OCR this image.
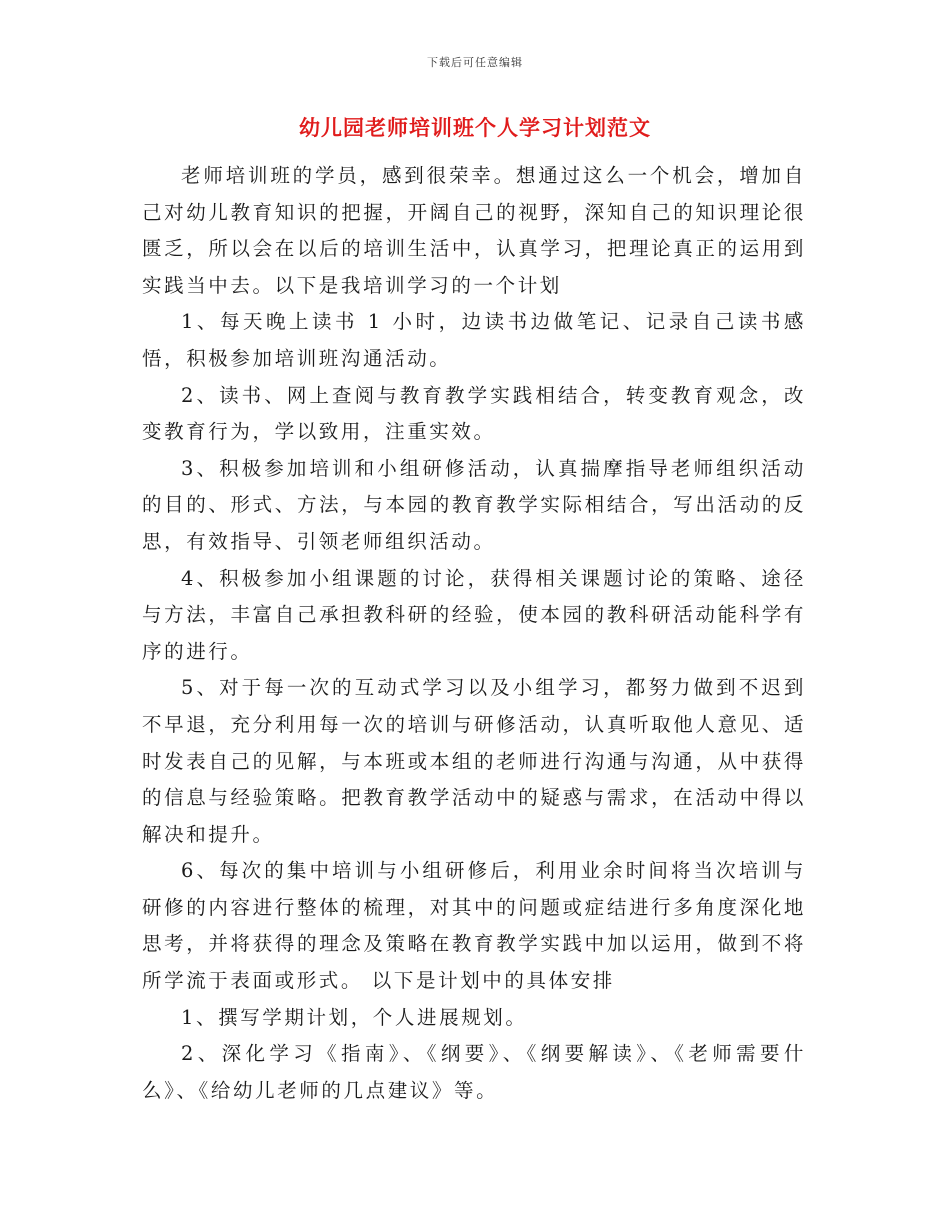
下载后可任意编辑
幼儿园老师培训班个人学习计划范文

老师培训班的学员，感到很荣幸。想通过这么一个机会，增加自己对幼儿教育知识的把握，开阔自己的视野，深知自己的知识理论很匮乏，所以会在以后的培训生活中，认真学习，把理论真正的运用到实践当中去。以下是我培训学习的一个计划

1、每天晚上读书 1 小时，边读书边做笔记、记录自己读书感悟，积极参加培训班沟通活动。

2、读书、网上查阅与教育教学实践相结合，转变教育观念，改变教育行为，学以致用，注重实效。

3、积极参加培训和小组研修活动，认真揣摩指导老师组织活动的目的、形式、方法，与本园的教育教学实际相结合，写出活动的反思，有效指导、引领老师组织活动。

4、积极参加小组课题的讨论，获得相关课题讨论的策略、途径与方法，丰富自己承担教科研的经验，使本园的教科研活动能科学有序的进行。

5、对于每一次的互动式学习以及小组学习，都努力做到不迟到不早退，充分利用每一次的培训与研修活动，认真听取他人意见、适时发表自己的见解，与本班或本组的老师进行沟通与沟通，从中获得的信息与经验策略。把教育教学活动中的疑惑与需求，在活动中得以解决和提升。

6、每次的集中培训与小组研修后，利用业余时间将当次培训与研修的内容进行整体的梳理，对其中的问题或症结进行多角度深化地思考，并将获得的理念及策略在教育教学实践中加以运用，做到不将所学流于表面或形式。 以下是计划中的具体安排

1、撰写学期计划，个人进展规划。

2、深化学习《指南》、《纲要》、《纲要解读》、《老师需要什么》、《给幼儿老师的几点建议》等。
